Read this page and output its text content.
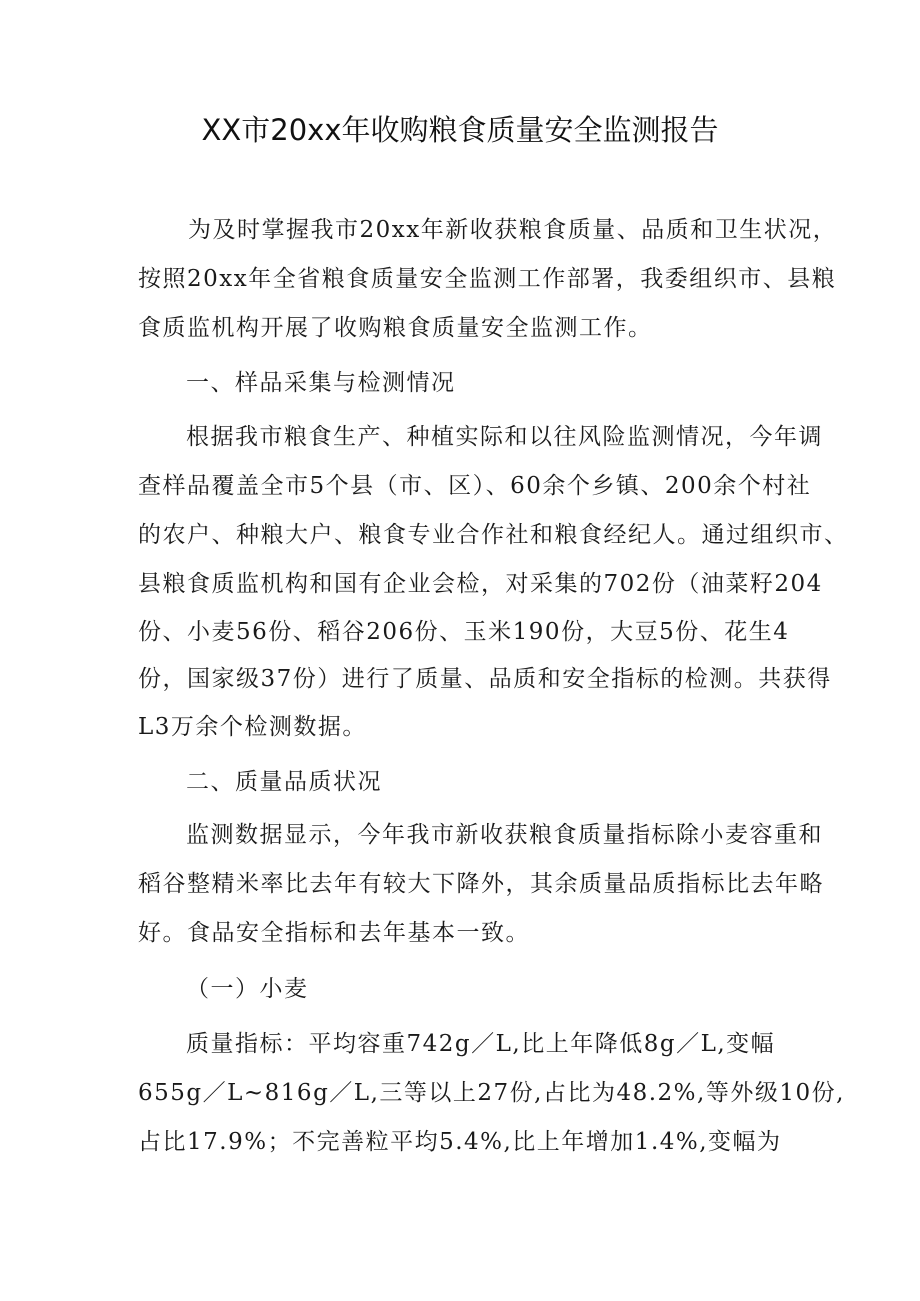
XX市20xx年收购粮食质量安全监测报告
为及时掌握我市20xx年新收获粮食质量、品质和卫生状况，
按照20xx年全省粮食质量安全监测工作部署，我委组织市、县粮
食质监机构开展了收购粮食质量安全监测工作。
一、样品采集与检测情况
根据我市粮食生产、种植实际和以往风险监测情况，今年调
查样品覆盖全市5个县（市、区）、60余个乡镇、200余个村社
的农户、种粮大户、粮食专业合作社和粮食经纪人。通过组织市、
县粮食质监机构和国有企业会检，对采集的702份（油菜籽204
份、小麦56份、稻谷206份、玉米190份，大豆5份、花生4
份，国家级37份）进行了质量、品质和安全指标的检测。共获得
L3万余个检测数据。
二、质量品质状况
监测数据显示，今年我市新收获粮食质量指标除小麦容重和
稻谷整精米率比去年有较大下降外，其余质量品质指标比去年略
好。食品安全指标和去年基本一致。
（一）小麦
质量指标：平均容重742g／L,比上年降低8g／L,变幅
655g／L~816g／L,三等以上27份,占比为48.2%,等外级10份,
占比17.9%；不完善粒平均5.4%,比上年增加1.4%,变幅为
